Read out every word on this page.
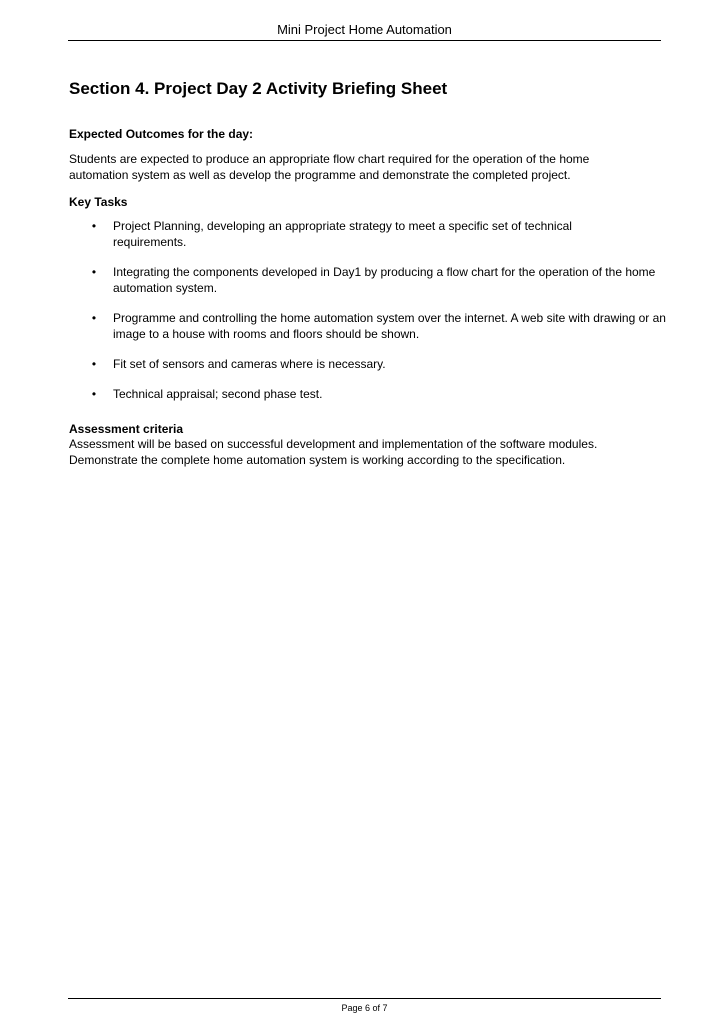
Mini Project Home Automation
Section 4. Project Day 2 Activity Briefing Sheet

Expected Outcomes for the day:

Students are expected to produce an appropriate flow chart required for the operation of the home automation system as well as develop the programme and demonstrate the completed project.

Key Tasks

• Project Planning, developing an appropriate strategy to meet a specific set of technical requirements.
• Integrating the components developed in Day1 by producing a flow chart for the operation of the home automation system.
• Programme and controlling the home automation system over the internet. A web site with drawing or an image to a house with rooms and floors should be shown.
• Fit set of sensors and cameras where is necessary.
• Technical appraisal; second phase test.

Assessment criteria

Assessment will be based on successful development and implementation of the software modules. Demonstrate the complete home automation system is working according to the specification.

Page 6 of 7
